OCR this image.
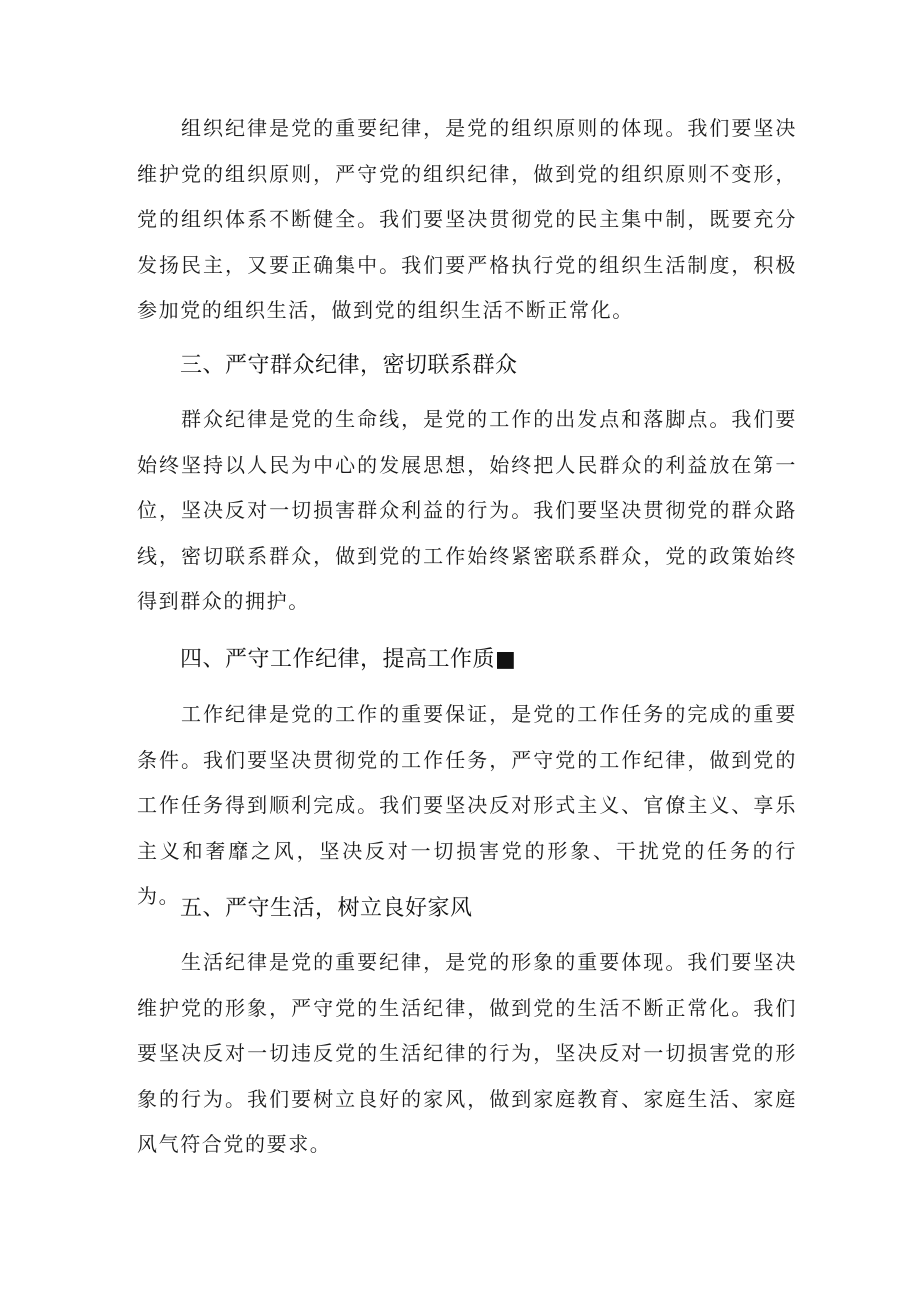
组织纪律是党的重要纪律，是党的组织原则的体现。我们要坚决维护党的组织原则，严守党的组织纪律，做到党的组织原则不变形，党的组织体系不断健全。我们要坚决贯彻党的民主集中制，既要充分发扬民主，又要正确集中。我们要严格执行党的组织生活制度，积极参加党的组织生活，做到党的组织生活不断正常化。

三、严守群众纪律，密切联系群众

群众纪律是党的生命线，是党的工作的出发点和落脚点。我们要始终坚持以人民为中心的发展思想，始终把人民群众的利益放在第一位，坚决反对一切损害群众利益的行为。我们要坚决贯彻党的群众路线，密切联系群众，做到党的工作始终紧密联系群众，党的政策始终得到群众的拥护。

四、严守工作纪律，提高工作质■

工作纪律是党的工作的重要保证，是党的工作任务的完成的重要条件。我们要坚决贯彻党的工作任务，严守党的工作纪律，做到党的工作任务得到顺利完成。我们要坚决反对形式主义、官僚主义、享乐主义和奢靡之风，坚决反对一切损害党的形象、干扰党的任务的行为。 五、严守生活，树立良好家风

生活纪律是党的重要纪律，是党的形象的重要体现。我们要坚决维护党的形象，严守党的生活纪律，做到党的生活不断正常化。我们要坚决反对一切违反党的生活纪律的行为，坚决反对一切损害党的形象的行为。我们要树立良好的家风，做到家庭教育、家庭生活、家庭风气符合党的要求。
